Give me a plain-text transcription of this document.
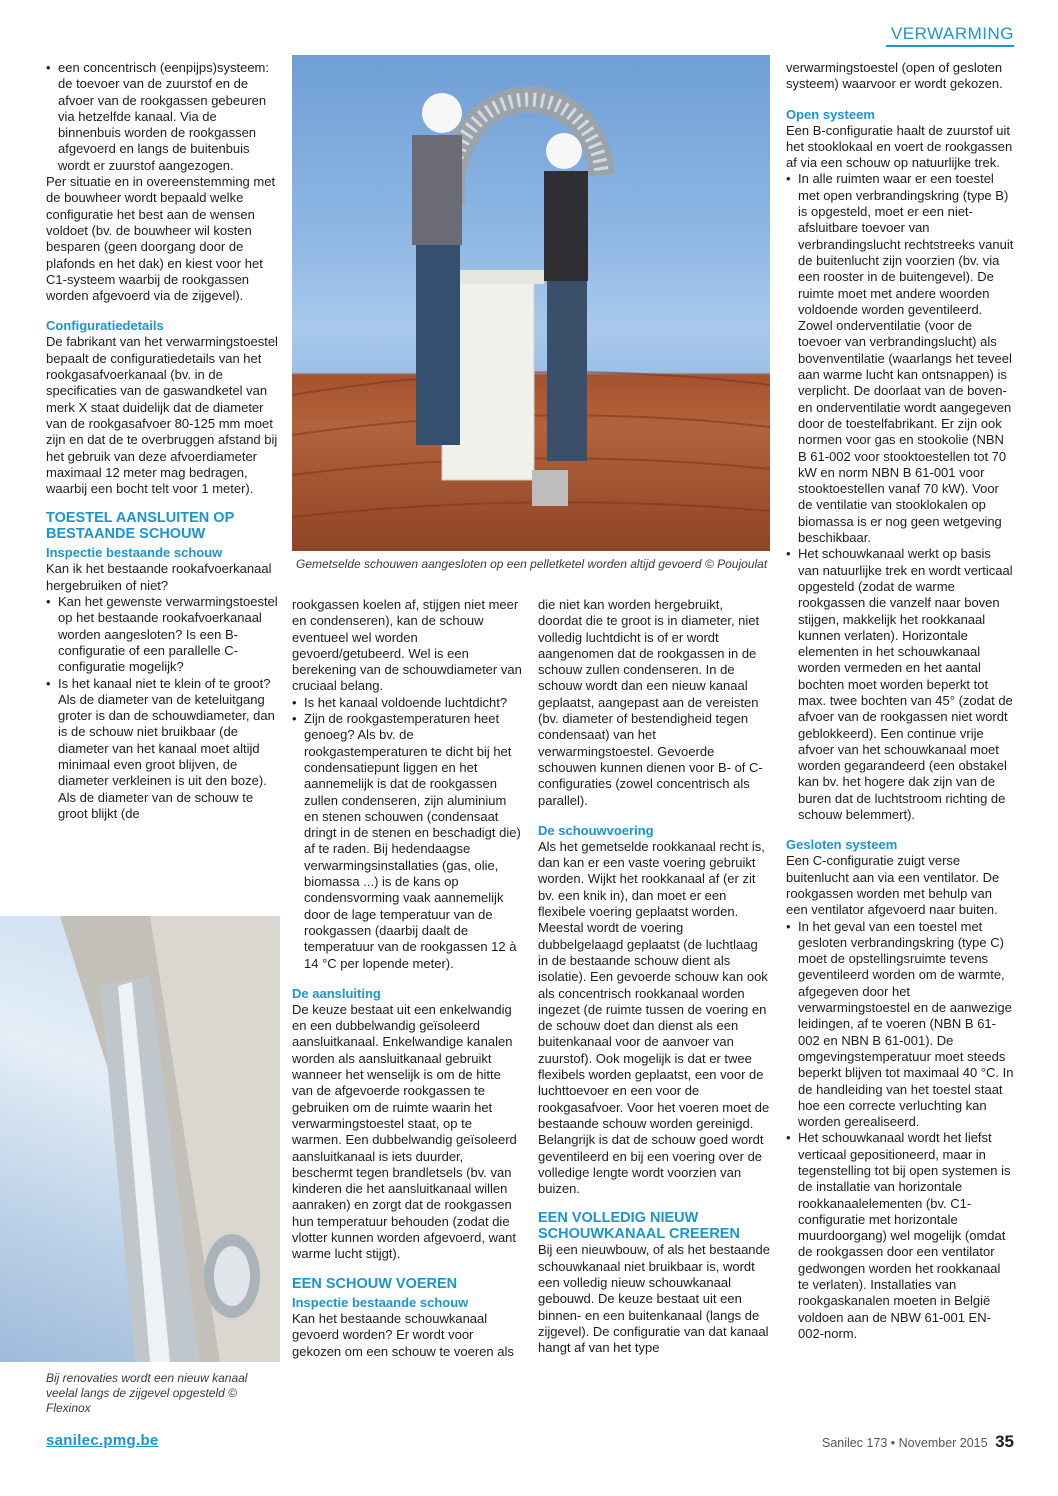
VERWARMING
• een concentrisch (eenpijps)systeem: de toevoer van de zuurstof en de afvoer van de rookgassen gebeuren via hetzelfde kanaal. Via de binnenbuis worden de rookgassen afgevoerd en langs de buitenbuis wordt er zuurstof aangezogen.

Per situatie en in overeenstemming met de bouwheer wordt bepaald welke configuratie het best aan de wensen voldoet (bv. de bouwheer wil kosten besparen (geen doorgang door de plafonds en het dak) en kiest voor het C1-systeem waarbij de rookgassen worden afgevoerd via de zijgevel).

Configuratiedetails

De fabrikant van het verwarmingstoestel bepaalt de configuratiedetails van het rookgasafvoerkanaal (bv. in de specificaties van de gaswandketel van merk X staat duidelijk dat de diameter van de rookgasafvoer 80-125 mm moet zijn en dat de te overbruggen afstand bij het gebruik van deze afvoerdiameter maximaal 12 meter mag bedragen, waarbij een bocht telt voor 1 meter).

TOESTEL AANSLUITEN OP BESTAANDE SCHOUW
Inspectie bestaande schouw

Kan ik het bestaande rookafvoerkanaal hergebruiken of niet?

• Kan het gewenste verwarmingstoestel op het bestaande rookafvoerkanaal worden aangesloten? Is een B-configuratie of een parallelle C-configuratie mogelijk?
• Is het kanaal niet te klein of te groot? Als de diameter van de keteluitgang groter is dan de schouwdiameter, dan is de schouw niet bruikbaar (de diameter van het kanaal moet altijd minimaal even groot blijven, de diameter verkleinen is uit den boze). Als de diameter van de schouw te groot blijkt (de
Gemetselde schouwen aangesloten op een pelletketel worden altijd gevoerd © Poujoulat

rookgassen koelen af, stijgen niet meer en condenseren), kan de schouw eventueel wel worden gevoerd/getubeerd. Wel is een berekening van de schouwdiameter van cruciaal belang.

• Is het kanaal voldoende luchtdicht?
• Zijn de rookgastemperaturen heet genoeg? Als bv. de rookgastemperaturen te dicht bij het condensatiepunt liggen en het aannemelijk is dat de rookgassen zullen condenseren, zijn aluminium en stenen schouwen (condensaat dringt in de stenen en beschadigt die) af te raden. Bij hedendaagse verwarmingsinstallaties (gas, olie, biomassa ...) is de kans op condensvorming vaak aannemelijk door de lage temperatuur van de rookgassen (daarbij daalt de temperatuur van de rookgassen 12 à 14 °C per lopende meter).
De aansluiting

De keuze bestaat uit een enkelwandig en een dubbelwandig geïsoleerd aansluitkanaal. Enkelwandige kanalen worden als aansluitkanaal gebruikt wanneer het wenselijk is om de hitte van de afgevoerde rookgassen te gebruiken om de ruimte waarin het verwarmingstoestel staat, op te warmen. Een dubbelwandig geïsoleerd aansluitkanaal is iets duurder, beschermt tegen brandletsels (bv. van kinderen die het aansluitkanaal willen aanraken) en zorgt dat de rookgassen hun temperatuur behouden (zodat die vlotter kunnen worden afgevoerd, want warme lucht stijgt).

EEN SCHOUW VOEREN
Inspectie bestaande schouw

Kan het bestaande schouwkanaal gevoerd worden? Er wordt voor gekozen om een schouw te voeren als

die niet kan worden hergebruikt, doordat die te groot is in diameter, niet volledig luchtdicht is of er wordt aangenomen dat de rookgassen in de schouw zullen condenseren. In de schouw wordt dan een nieuw kanaal geplaatst, aangepast aan de vereisten (bv. diameter of bestendigheid tegen condensaat) van het verwarmingstoestel. Gevoerde schouwen kunnen dienen voor B- of C-configuraties (zowel concentrisch als parallel).

De schouwvoering

Als het gemetselde rookkanaal recht is, dan kan er een vaste voering gebruikt worden. Wijkt het rookkanaal af (er zit bv. een knik in), dan moet er een flexibele voering geplaatst worden. Meestal wordt de voering dubbelgelaagd geplaatst (de luchtlaag in de bestaande schouw dient als isolatie). Een gevoerde schouw kan ook als concentrisch rookkanaal worden ingezet (de ruimte tussen de voering en de schouw doet dan dienst als een buitenkanaal voor de aanvoer van zuurstof). Ook mogelijk is dat er twee flexibels worden geplaatst, een voor de luchttoevoer en een voor de rookgasafvoer. Voor het voeren moet de bestaande schouw worden gereinigd. Belangrijk is dat de schouw goed wordt geventileerd en bij een voering over de volledige lengte wordt voorzien van buizen.

EEN VOLLEDIG NIEUW SCHOUWKANAAL CREEREN

Bij een nieuwbouw, of als het bestaande schouwkanaal niet bruikbaar is, wordt een volledig nieuw schouwkanaal gebouwd. De keuze bestaat uit een binnen- en een buitenkanaal (langs de zijgevel). De configuratie van dat kanaal hangt af van het type

verwarmingstoestel (open of gesloten systeem) waarvoor er wordt gekozen.

Open systeem

Een B-configuratie haalt de zuurstof uit het stooklokaal en voert de rookgassen af via een schouw op natuurlijke trek.

• In alle ruimten waar er een toestel met open verbrandingskring (type B) is opgesteld, moet er een niet-afsluitbare toevoer van verbrandingslucht rechtstreeks vanuit de buitenlucht zijn voorzien (bv. via een rooster in de buitengevel). De ruimte moet met andere woorden voldoende worden geventileerd. Zowel onderventilatie (voor de toevoer van verbrandingslucht) als bovenventilatie (waarlangs het teveel aan warme lucht kan ontsnappen) is verplicht. De doorlaat van de boven- en onderventilatie wordt aangegeven door de toestelfabrikant. Er zijn ook normen voor gas en stookolie (NBN B 61-002 voor stooktoestellen tot 70 kW en norm NBN B 61-001 voor stooktoestellen vanaf 70 kW). Voor de ventilatie van stooklokalen op biomassa is er nog geen wetgeving beschikbaar.
• Het schouwkanaal werkt op basis van natuurlijke trek en wordt verticaal opgesteld (zodat de warme rookgassen die vanzelf naar boven stijgen, makkelijk het rookkanaal kunnen verlaten). Horizontale elementen in het schouwkanaal worden vermeden en het aantal bochten moet worden beperkt tot max. twee bochten van 45° (zodat de afvoer van de rookgassen niet wordt geblokkeerd). Een continue vrije afvoer van het schouwkanaal moet worden gegarandeerd (een obstakel kan bv. het hogere dak zijn van de buren dat de luchtstroom richting de schouw belemmert).
Gesloten systeem

Een C-configuratie zuigt verse buitenlucht aan via een ventilator. De rookgassen worden met behulp van een ventilator afgevoerd naar buiten.

• In het geval van een toestel met gesloten verbrandingskring (type C) moet de opstellingsruimte tevens geventileerd worden om de warmte, afgegeven door het verwarmingstoestel en de aanwezige leidingen, af te voeren (NBN B 61-002 en NBN B 61-001). De omgevingstemperatuur moet steeds beperkt blijven tot maximaal 40 °C. In de handleiding van het toestel staat hoe een correcte verluchting kan worden gerealiseerd.
• Het schouwkanaal wordt het liefst verticaal gepositioneerd, maar in tegenstelling tot bij open systemen is de installatie van horizontale rookkanaalelementen (bv. C1-configuratie met horizontale muurdoorgang) wel mogelijk (omdat de rookgassen door een ventilator gedwongen worden het rookkanaal te verlaten). Installaties van rookgaskanalen moeten in België voldoen aan de NBW 61-001 EN-002-norm.
Bij renovaties wordt een nieuw kanaal veelal langs de zijgevel opgesteld © Flexinox
sanilec.pmg.be	Sanilec 173 • November 2015 35
